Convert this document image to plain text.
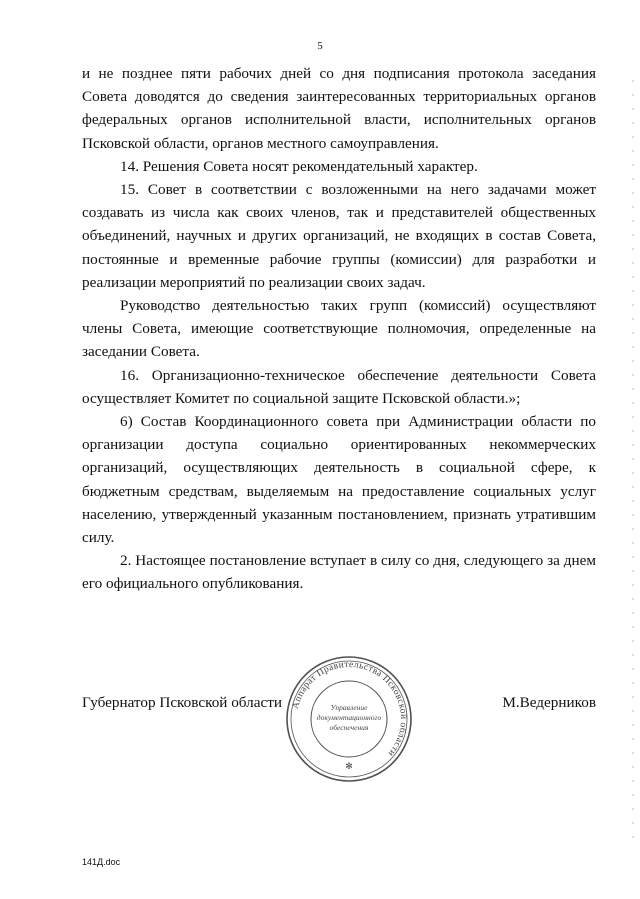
5

и не позднее пяти рабочих дней со дня подписания протокола заседания Совета доводятся до сведения заинтересованных территориальных органов федеральных органов исполнительной власти, исполнительных органов Псковской области, органов местного самоуправления.

14. Решения Совета носят рекомендательный характер.

15. Совет в соответствии с возложенными на него задачами может создавать из числа как своих членов, так и представителей общественных объединений, научных и других организаций, не входящих в состав Совета, постоянные и временные рабочие группы (комиссии) для разработки и реализации мероприятий по реализации своих задач.

Руководство деятельностью таких групп (комиссий) осуществляют члены Совета, имеющие соответствующие полномочия, определенные на заседании Совета.

16. Организационно-техническое обеспечение деятельности Совета осуществляет Комитет по социальной защите Псковской области.»;

6) Состав Координационного совета при Администрации области по организации доступа социально ориентированных некоммерческих организаций, осуществляющих деятельность в социальной сфере, к бюджетным средствам, выделяемым на предоставление социальных услуг населению, утвержденный указанным постановлением, признать утратившим силу.

2. Настоящее постановление вступает в силу со дня, следующего за днем его официального опубликования.

Губернатор Псковской области	М.Ведерников
Аппарат Правительства Псковской области
Управление
документационного
обеспечения
✻
141Д.doc
